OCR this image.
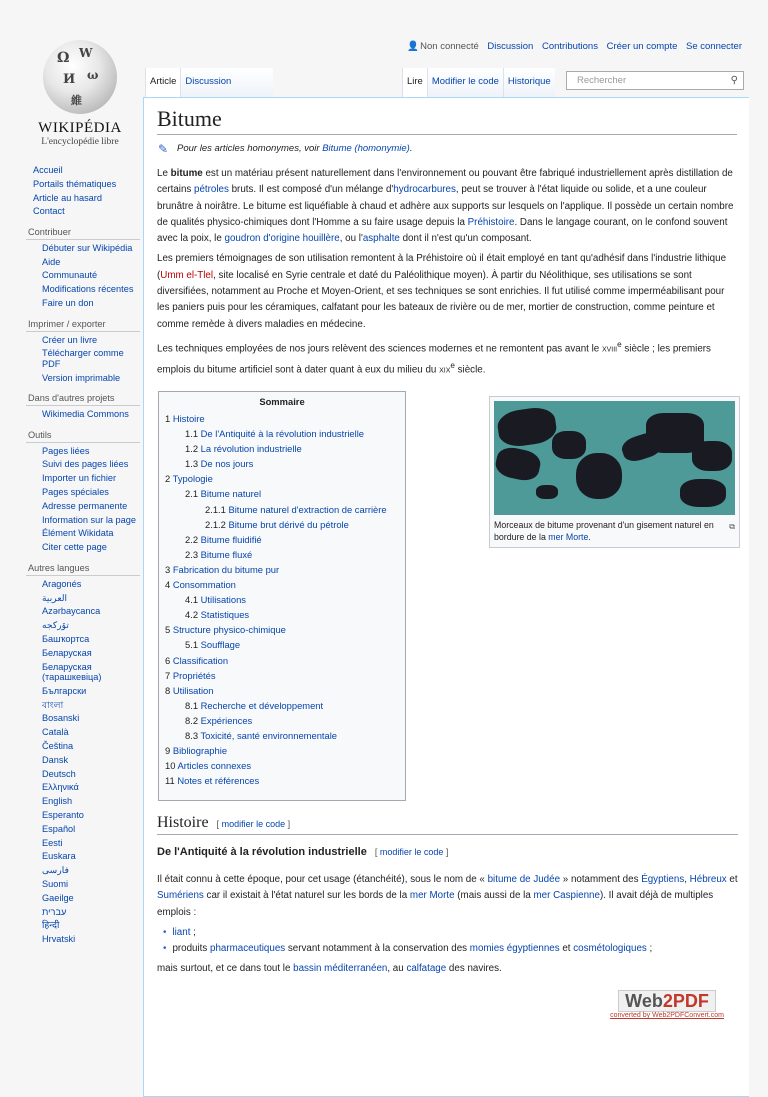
Ω W
И ω
維
WIKIPÉDIA
L'encyclopédie libre
Accueil
Portails thématiques
Article au hasard
Contact
Contribuer
Débuter sur Wikipédia
Aide
Communauté
Modifications récentes
Faire un don
Imprimer / exporter
Créer un livre
Télécharger comme PDF
Version imprimable
Dans d'autres projets
Wikimedia Commons
Outils
Pages liées
Suivi des pages liées
Importer un fichier
Pages spéciales
Adresse permanente
Information sur la page
Élément Wikidata
Citer cette page
Autres langues
Aragonés
العربية
Azərbaycanca
تۆرکجه
Башҡортса
Беларуская
Беларуская (тарашкевіца)
Български
বাংলা
Bosanski
Català
Čeština
Dansk
Deutsch
Ελληνικά
English
Esperanto
Español
Eesti
Euskara
فارسی
Suomi
Gaeilge
עברית
हिन्दी
Hrvatski
👤Non connecté Discussion Contributions Créer un compte Se connecter
Article Discussion	Lire Modifier le code Historique	Rechercher	⚲
Bitume
✎ Pour les articles homonymes, voir Bitume (homonymie).

Le bitume est un matériau présent naturellement dans l'environnement ou pouvant être fabriqué industriellement après distillation de certains pétroles bruts. Il est composé d'un mélange d'hydrocarbures, peut se trouver à l'état liquide ou solide, et a une couleur brunâtre à noirâtre. Le bitume est liquéfiable à chaud et adhère aux supports sur lesquels on l'applique. Il possède un certain nombre de qualités physico-chimiques dont l'Homme a su faire usage depuis la Préhistoire. Dans le langage courant, on le confond souvent avec la poix, le goudron d'origine houillère, ou l'asphalte dont il n'est qu'un composant.

Les premiers témoignages de son utilisation remontent à la Préhistoire où il était employé en tant qu'adhésif dans l'industrie lithique (Umm el-Tlel, site localisé en Syrie centrale et daté du Paléolithique moyen). À partir du Néolithique, ses utilisations se sont diversifiées, notamment au Proche et Moyen-Orient, et ses techniques se sont enrichies. Il fut utilisé comme imperméabilisant pour les paniers puis pour les céramiques, calfatant pour les bateaux de rivière ou de mer, mortier de construction, comme peinture et comme remède à divers maladies en médecine.

Les techniques employées de nos jours relèvent des sciences modernes et ne remontent pas avant le xviii$^e$ siècle ; les premiers emplois du bitume artificiel sont à dater quant à eux du milieu du xix$^e$ siècle.

Sommaire
1 Histoire
1.1 De l'Antiquité à la révolution industrielle
1.2 La révolution industrielle
1.3 De nos jours
2 Typologie
2.1 Bitume naturel
2.1.1 Bitume naturel d'extraction de carrière
2.1.2 Bitume brut dérivé du pétrole
2.2 Bitume fluidifié
2.3 Bitume fluxé
3 Fabrication du bitume pur
4 Consommation
4.1 Utilisations
4.2 Statistiques
5 Structure physico-chimique
5.1 Soufflage
6 Classification
7 Propriétés
8 Utilisation
8.1 Recherche et développement
8.2 Expériences
8.3 Toxicité, santé environnementale
9 Bibliographie
10 Articles connexes
11 Notes et références
Morceaux de bitume provenant d'un gisement naturel en bordure de la mer Morte.
⧉
Histoire [ modifier le code ]
De l'Antiquité à la révolution industrielle [ modifier le code ]

Il était connu à cette époque, pour cet usage (étanchéité), sous le nom de « bitume de Judée » notamment des Égyptiens, Hébreux et Sumériens car il existait à l'état naturel sur les bords de la mer Morte (mais aussi de la mer Caspienne). Il avait déjà de multiples emplois :

• liant ;
• produits pharmaceutiques servant notamment à la conservation des momies égyptiennes et cosmétologiques ;

mais surtout, et ce dans tout le bassin méditerranéen, au calfatage des navires.

Web2PDF
converted by Web2PDFConvert.com
